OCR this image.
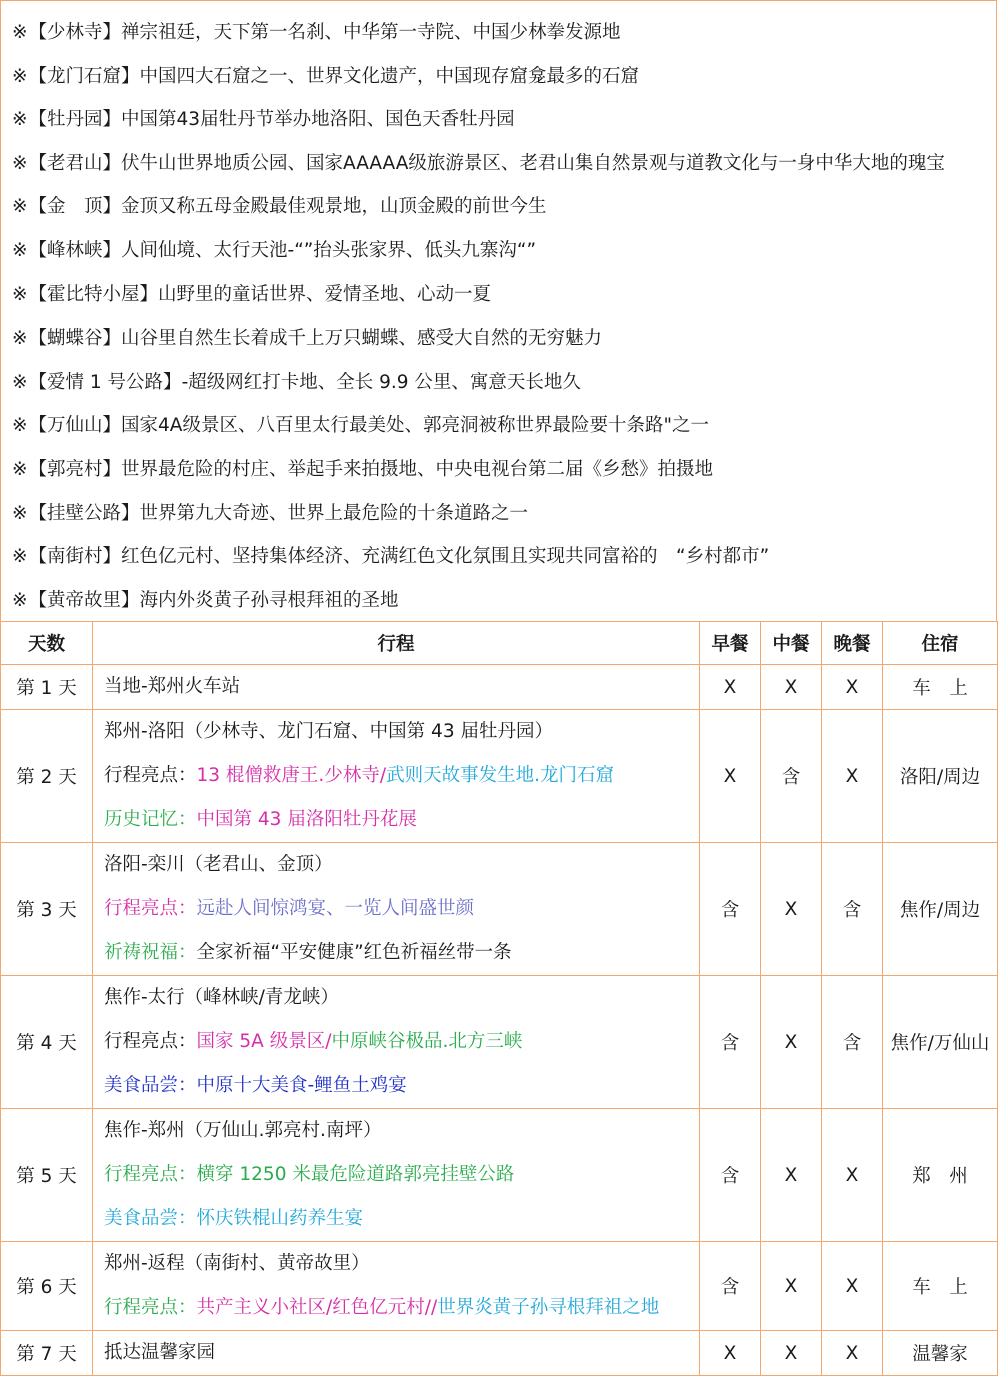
※【少林寺】禅宗祖廷，天下第一名刹、中华第一寺院、中国少林拳发源地
※【龙门石窟】中国四大石窟之一、世界文化遗产，中国现存窟龛最多的石窟
※【牡丹园】中国第43届牡丹节举办地洛阳、国色天香牡丹园
※【老君山】伏牛山世界地质公园、国家AAAAA级旅游景区、老君山集自然景观与道教文化与一身中华大地的瑰宝
※【金　顶】金顶又称五母金殿最佳观景地，山顶金殿的前世今生
※【峰林峡】人间仙境、太行天池-“”抬头张家界、低头九寨沟“”
※【霍比特小屋】山野里的童话世界、爱情圣地、心动一夏
※【蝴蝶谷】山谷里自然生长着成千上万只蝴蝶、感受大自然的无穷魅力
※【爱情 1 号公路】-超级网红打卡地、全长 9.9 公里、寓意天长地久
※【万仙山】国家4A级景区、八百里太行最美处、郭亮洞被称世界最险要十条路"之一
※【郭亮村】世界最危险的村庄、举起手来拍摄地、中央电视台第二届《乡愁》拍摄地
※【挂壁公路】世界第九大奇迹、世界上最危险的十条道路之一
※【南街村】红色亿元村、坚持集体经济、充满红色文化氛围且实现共同富裕的　“乡村都市”
※【黄帝故里】海内外炎黄子孙寻根拜祖的圣地
天数	行程	早餐	中餐	晚餐	住宿
第 1 天	当地-郑州火车站	X	X	X	车　上
第 2 天	郑州-洛阳（少林寺、龙门石窟、中国第 43 届牡丹园）
行程亮点：13 棍僧救唐王.少林寺/武则天故事发生地.龙门石窟
历史记忆：中国第 43 届洛阳牡丹花展	X	含	X	洛阳/周边
第 3 天	洛阳-栾川（老君山、金顶）
行程亮点：远赴人间惊鸿宴、一览人间盛世颜
祈祷祝福：全家祈福“平安健康”红色祈福丝带一条	含	X	含	焦作/周边
第 4 天	焦作-太行（峰林峡/青龙峡）
行程亮点：国家 5A 级景区/中原峡谷极品.北方三峡
美食品尝：中原十大美食-鲤鱼土鸡宴	含	X	含	焦作/万仙山
第 5 天	焦作-郑州（万仙山.郭亮村.南坪）
行程亮点：横穿 1250 米最危险道路郭亮挂壁公路
美食品尝：怀庆铁棍山药养生宴	含	X	X	郑　州
第 6 天	郑州-返程（南街村、黄帝故里）
行程亮点：共产主义小社区/红色亿元村//世界炎黄子孙寻根拜祖之地	含	X	X	车　上
第 7 天	抵达温馨家园	X	X	X	温馨家
